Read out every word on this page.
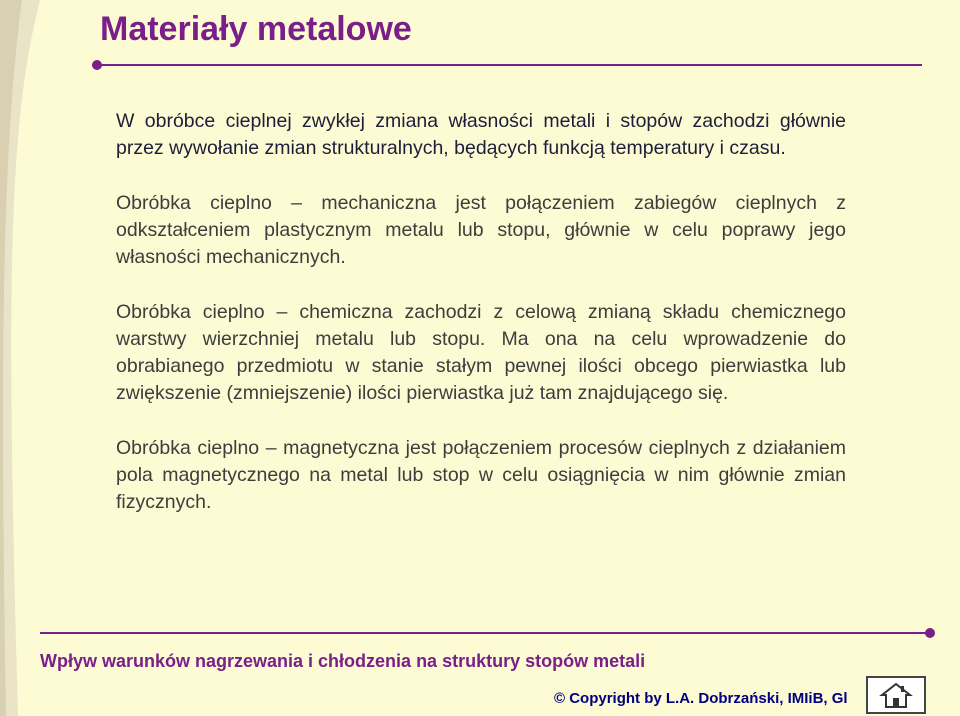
Materiały metalowe

W obróbce cieplnej zwykłej zmiana własności metali i stopów zachodzi głównie przez wywołanie zmian strukturalnych, będących funkcją temperatury i czasu.

Obróbka cieplno – mechaniczna jest połączeniem zabiegów cieplnych z odkształceniem plastycznym metalu lub stopu, głównie w celu poprawy jego własności mechanicznych.

Obróbka cieplno – chemiczna zachodzi z celową zmianą składu chemicznego warstwy wierzchniej metalu lub stopu. Ma ona na celu wprowadzenie do obrabianego przedmiotu w stanie stałym pewnej ilości obcego pierwiastka lub zwiększenie (zmniejszenie) ilości pierwiastka już tam znajdującego się.

Obróbka cieplno – magnetyczna jest połączeniem procesów cieplnych z działaniem pola magnetycznego na metal lub stop w celu osiągnięcia w nim głównie zmian fizycznych.

Wpływ warunków nagrzewania i chłodzenia na struktury stopów metali
© Copyright by L.A. Dobrzański, IMIiB, Gl
